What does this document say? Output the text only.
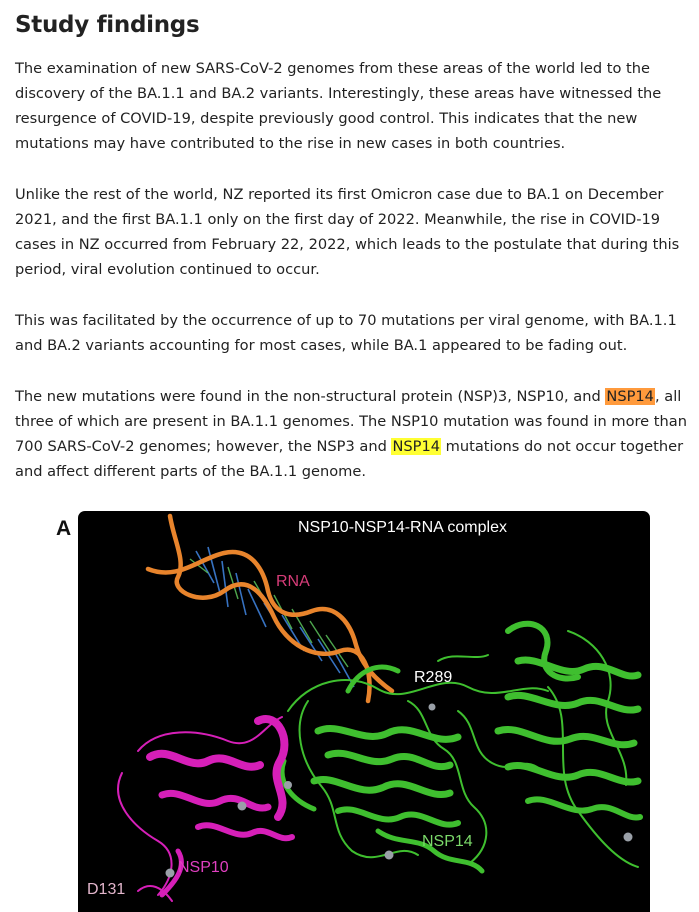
Study findings

The examination of new SARS-CoV-2 genomes from these areas of the world led to the discovery of the BA.1.1 and BA.2 variants. Interestingly, these areas have witnessed the resurgence of COVID-19, despite previously good control. This indicates that the new mutations may have contributed to the rise in new cases in both countries.

Unlike the rest of the world, NZ reported its first Omicron case due to BA.1 on December 2021, and the first BA.1.1 only on the first day of 2022. Meanwhile, the rise in COVID-19 cases in NZ occurred from February 22, 2022, which leads to the postulate that during this period, viral evolution continued to occur.

This was facilitated by the occurrence of up to 70 mutations per viral genome, with BA.1.1 and BA.2 variants accounting for most cases, while BA.1 appeared to be fading out.

The new mutations were found in the non-structural protein (NSP)3, NSP10, and NSP14, all three of which are present in BA.1.1 genomes. The NSP10 mutation was found in more than 700 SARS-CoV-2 genomes; however, the NSP3 and NSP14 mutations do not occur together and affect different parts of the BA.1.1 genome.

A	NSP10-NSP14-RNA complex
RNA
R289
NSP14
NSP10
D131
